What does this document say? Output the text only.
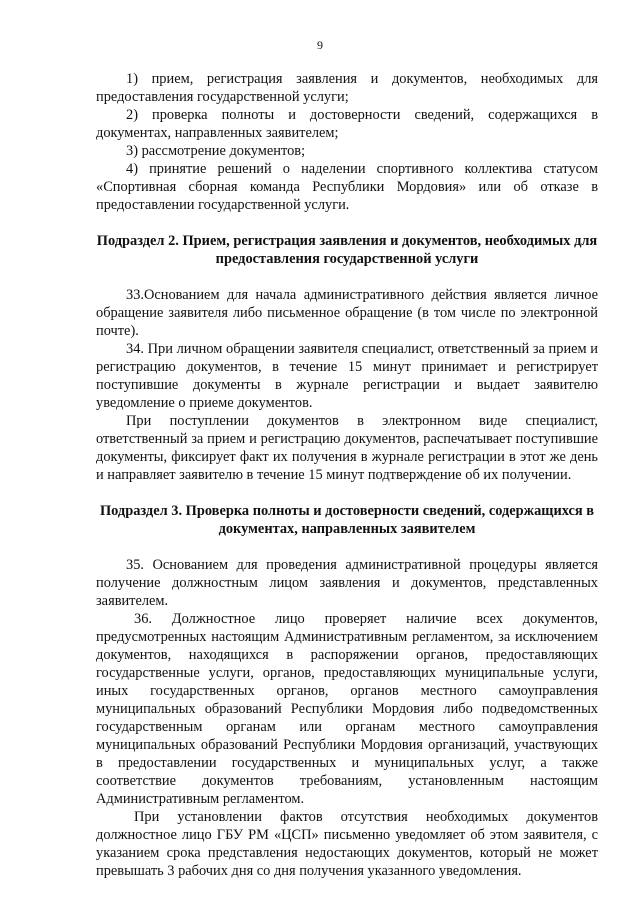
9

1) прием, регистрация заявления и документов, необходимых для предоставления государственной услуги;

2) проверка полноты и достоверности сведений, содержащихся в документах, направленных заявителем;

3) рассмотрение документов;

4) принятие решений о наделении спортивного коллектива статусом «Спортивная сборная команда Республики Мордовия» или об отказе в предоставлении государственной услуги.

Подраздел 2. Прием, регистрация заявления и документов, необходимых для предоставления государственной услуги

33.Основанием для начала административного действия является личное обращение заявителя либо письменное обращение (в том числе по электронной почте).

34. При личном обращении заявителя специалист, ответственный за прием и регистрацию документов, в течение 15 минут принимает и регистрирует поступившие документы в журнале регистрации и выдает заявителю уведомление о приеме документов.

При поступлении документов в электронном виде специалист, ответственный за прием и регистрацию документов, распечатывает поступившие документы, фиксирует факт их получения в журнале регистрации в этот же день и направляет заявителю в течение 15 минут подтверждение об их получении.

Подраздел 3. Проверка полноты и достоверности сведений, содержащихся в документах, направленных заявителем

35. Основанием для проведения административной процедуры является получение должностным лицом заявления и документов, представленных заявителем.

36. Должностное лицо проверяет наличие всех документов, предусмотренных настоящим Административным регламентом, за исключением документов, находящихся в распоряжении органов, предоставляющих государственные услуги, органов, предоставляющих муниципальные услуги, иных государственных органов, органов местного самоуправления муниципальных образований Республики Мордовия либо подведомственных государственным органам или органам местного самоуправления муниципальных образований Республики Мордовия организаций, участвующих в предоставлении государственных и муниципальных услуг, а также соответствие документов требованиям, установленным настоящим Административным регламентом.

При установлении фактов отсутствия необходимых документов должностное лицо ГБУ РМ «ЦСП» письменно уведомляет об этом заявителя, с указанием срока представления недостающих документов, который не может превышать 3 рабочих дня со дня получения указанного уведомления.
